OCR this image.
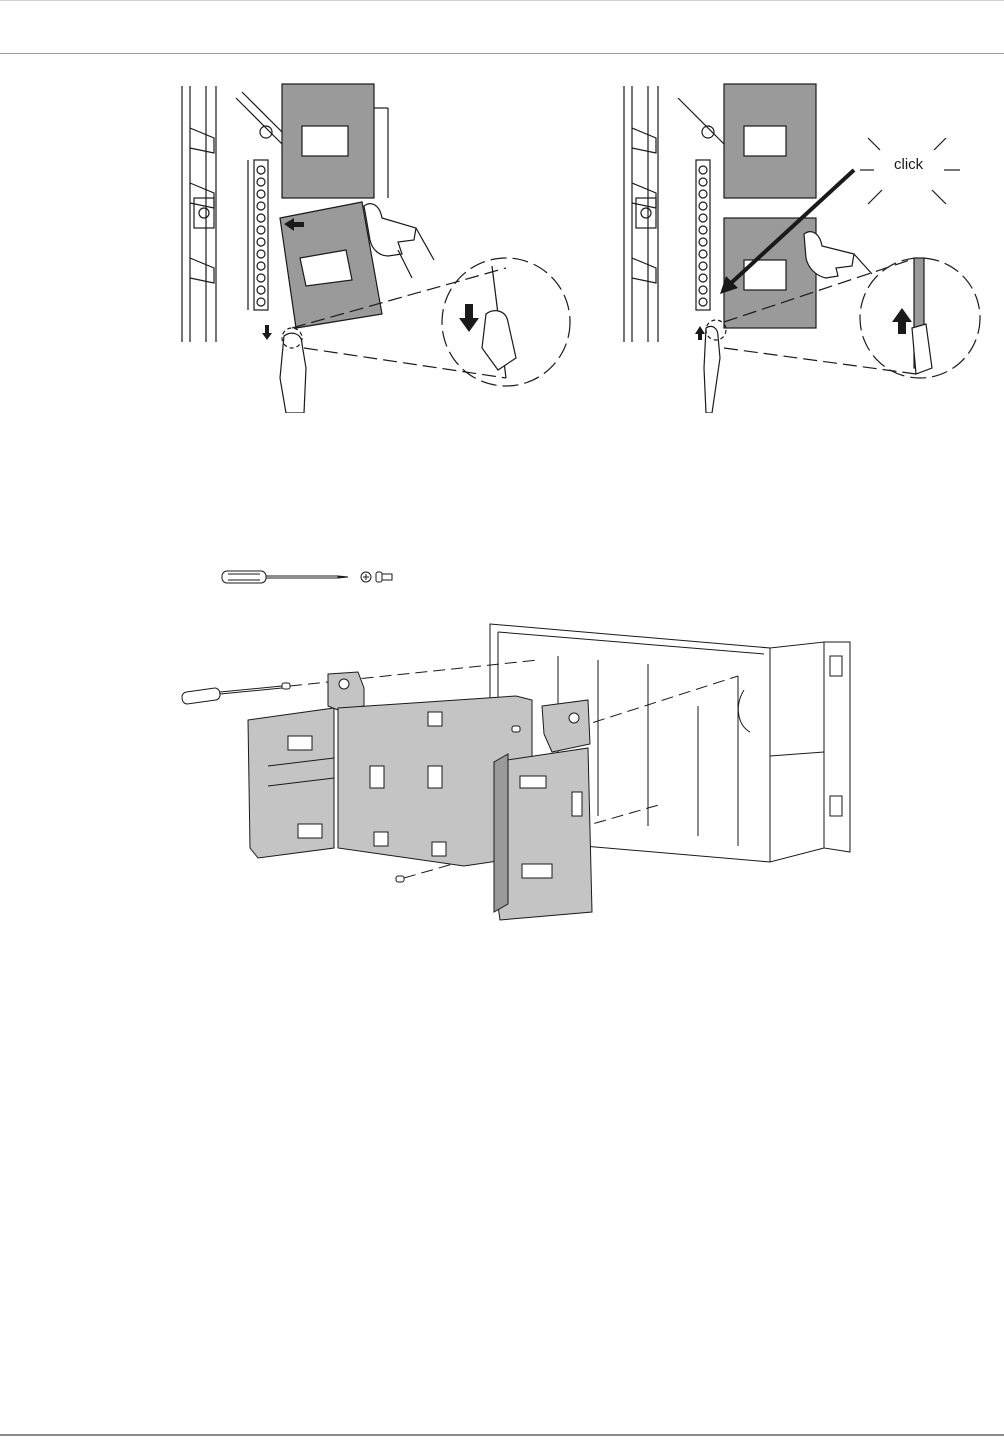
click
